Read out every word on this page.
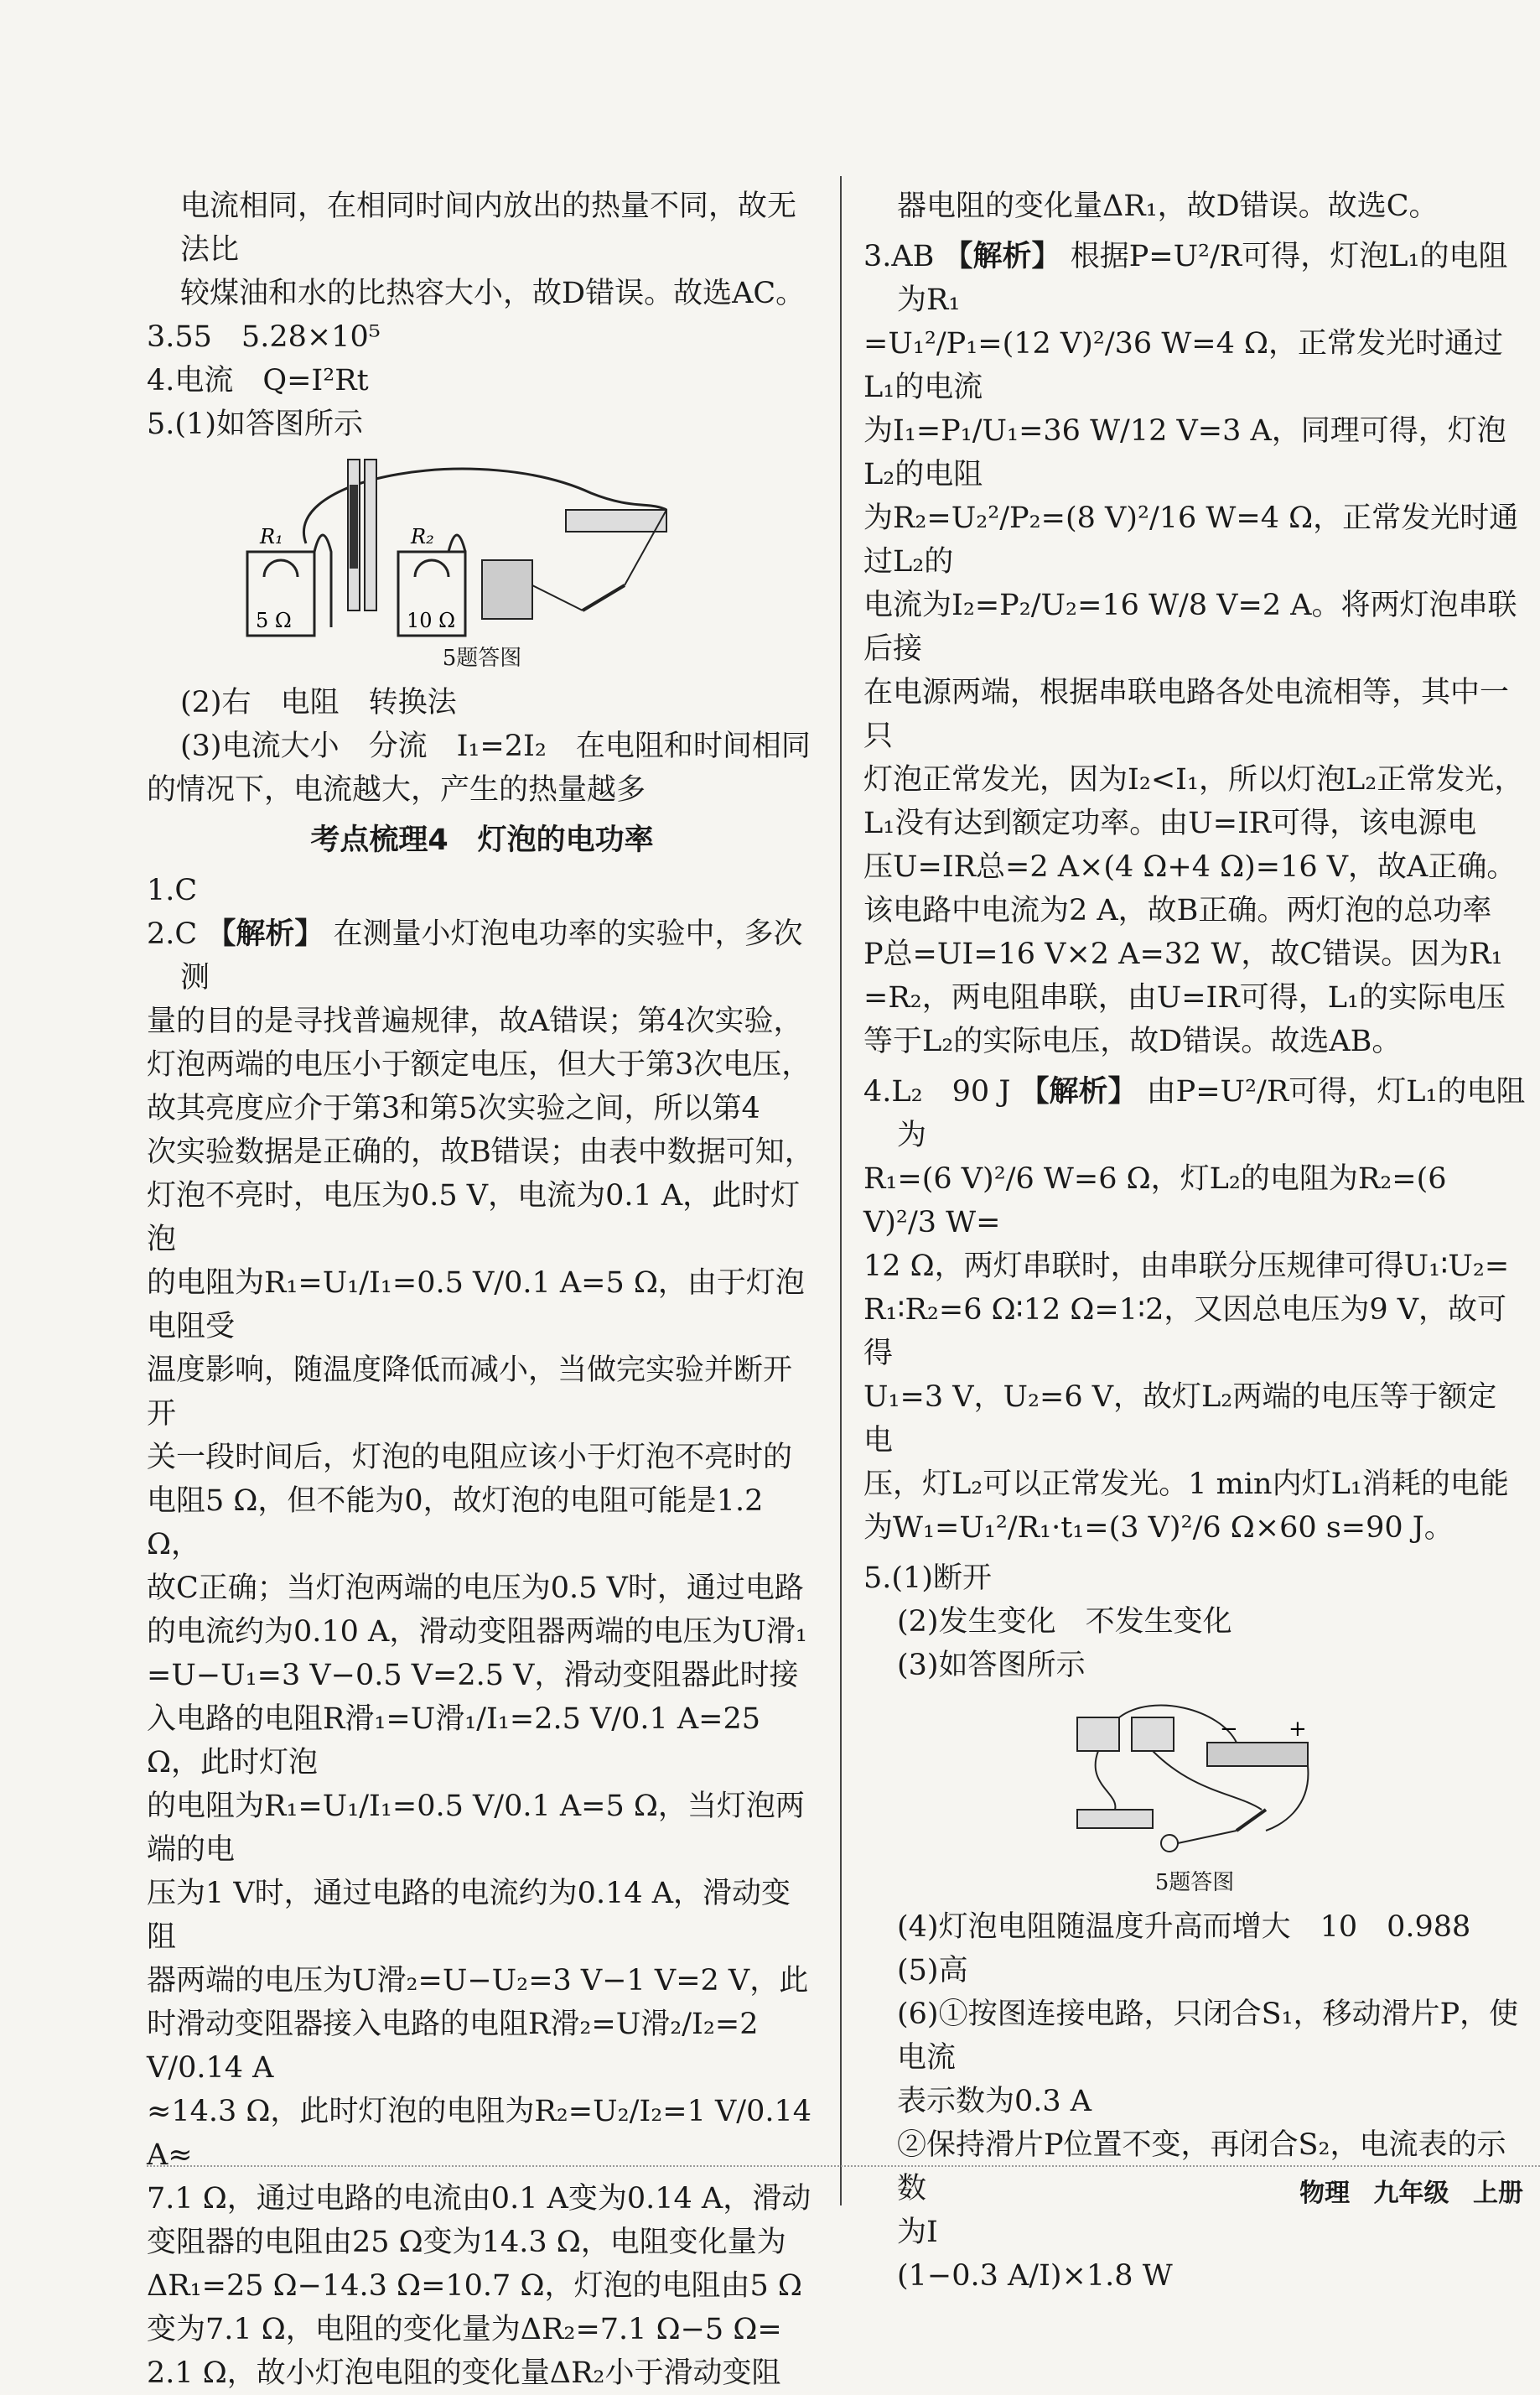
电流相同，在相同时间内放出的热量不同，故无法比

较煤油和水的比热容大小，故D错误。故选AC。

3.55　5.28×10⁵

4.电流　Q=I²Rt

5.(1)如答图所示

R₁	R₂
5 Ω	10 Ω
5题答图

(2)右　电阻　转换法

(3)电流大小　分流　I₁=2I₂　在电阻和时间相同

的情况下，电流越大，产生的热量越多

考点梳理4　灯泡的电功率

1.C

2.C 【解析】 在测量小灯泡电功率的实验中，多次测

量的目的是寻找普遍规律，故A错误；第4次实验，

灯泡两端的电压小于额定电压，但大于第3次电压，

故其亮度应介于第3和第5次实验之间，所以第4

次实验数据是正确的，故B错误；由表中数据可知，

灯泡不亮时，电压为0.5 V，电流为0.1 A，此时灯泡

的电阻为R₁=U₁/I₁=0.5 V/0.1 A=5 Ω，由于灯泡电阻受

温度影响，随温度降低而减小，当做完实验并断开开

关一段时间后，灯泡的电阻应该小于灯泡不亮时的

电阻5 Ω，但不能为0，故灯泡的电阻可能是1.2 Ω，

故C正确；当灯泡两端的电压为0.5 V时，通过电路

的电流约为0.10 A，滑动变阻器两端的电压为U滑₁

=U−U₁=3 V−0.5 V=2.5 V，滑动变阻器此时接

入电路的电阻R滑₁=U滑₁/I₁=2.5 V/0.1 A=25 Ω，此时灯泡

的电阻为R₁=U₁/I₁=0.5 V/0.1 A=5 Ω，当灯泡两端的电

压为1 V时，通过电路的电流约为0.14 A，滑动变阻

器两端的电压为U滑₂=U−U₂=3 V−1 V=2 V，此

时滑动变阻器接入电路的电阻R滑₂=U滑₂/I₂=2 V/0.14 A

≈14.3 Ω，此时灯泡的电阻为R₂=U₂/I₂=1 V/0.14 A≈

7.1 Ω，通过电路的电流由0.1 A变为0.14 A，滑动

变阻器的电阻由25 Ω变为14.3 Ω，电阻变化量为

ΔR₁=25 Ω−14.3 Ω=10.7 Ω，灯泡的电阻由5 Ω

变为7.1 Ω，电阻的变化量为ΔR₂=7.1 Ω−5 Ω=

2.1 Ω，故小灯泡电阻的变化量ΔR₂小于滑动变阻

器电阻的变化量ΔR₁，故D错误。故选C。

3.AB 【解析】 根据P=U²/R可得，灯泡L₁的电阻为R₁

=U₁²/P₁=(12 V)²/36 W=4 Ω，正常发光时通过L₁的电流

为I₁=P₁/U₁=36 W/12 V=3 A，同理可得，灯泡L₂的电阻

为R₂=U₂²/P₂=(8 V)²/16 W=4 Ω，正常发光时通过L₂的

电流为I₂=P₂/U₂=16 W/8 V=2 A。将两灯泡串联后接

在电源两端，根据串联电路各处电流相等，其中一只

灯泡正常发光，因为I₂<I₁，所以灯泡L₂正常发光，

L₁没有达到额定功率。由U=IR可得，该电源电

压U=IR总=2 A×(4 Ω+4 Ω)=16 V，故A正确。

该电路中电流为2 A，故B正确。两灯泡的总功率

P总=UI=16 V×2 A=32 W，故C错误。因为R₁

=R₂，两电阻串联，由U=IR可得，L₁的实际电压

等于L₂的实际电压，故D错误。故选AB。

4.L₂　90 J 【解析】 由P=U²/R可得，灯L₁的电阻为

R₁=(6 V)²/6 W=6 Ω，灯L₂的电阻为R₂=(6 V)²/3 W=

12 Ω，两灯串联时，由串联分压规律可得U₁∶U₂=

R₁∶R₂=6 Ω∶12 Ω=1∶2，又因总电压为9 V，故可得

U₁=3 V，U₂=6 V，故灯L₂两端的电压等于额定电

压，灯L₂可以正常发光。1 min内灯L₁消耗的电能

为W₁=U₁²/R₁·t₁=(3 V)²/6 Ω×60 s=90 J。

5.(1)断开

(2)发生变化　不发生变化

(3)如答图所示

− +
5题答图

(4)灯泡电阻随温度升高而增大　10　0.988

(5)高

(6)①按图连接电路，只闭合S₁，移动滑片P，使电流

表示数为0.3 A

②保持滑片P位置不变，再闭合S₂，电流表的示数

为I

(1−0.3 A/I)×1.8 W

物理 九年级 上册
